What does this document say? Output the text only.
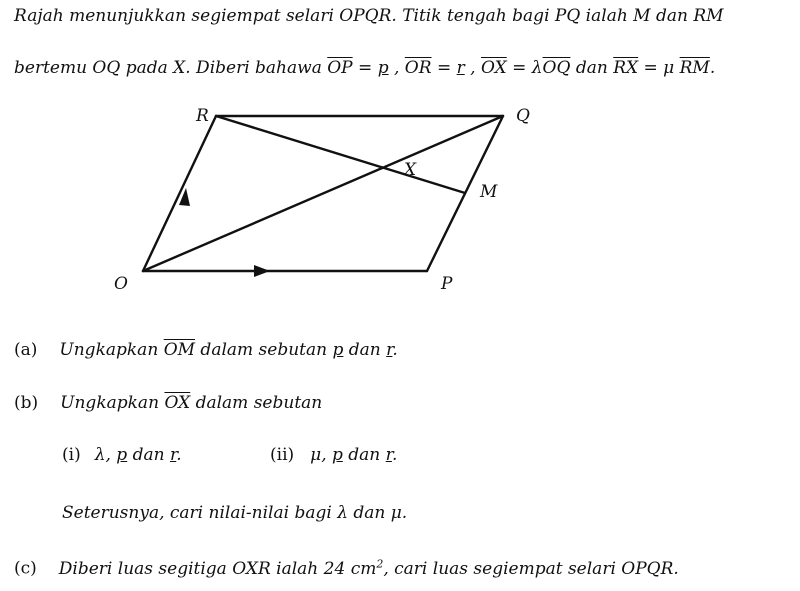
Rajah menunjukkan segiempat selari OPQR. Titik tengah bagi PQ ialah M dan RM
bertemu OQ pada X. Diberi bahawa $\overline{OP} = p$ , $\overline{OR} = r$ , $\overline{OX} = \lambda\overline{OQ}$ dan $\overline{RX} = \mu$ $\overline{RM}$.
R	Q
X
M
O	P
(a) Ungkapkan $\overline{OM}$ dalam sebutan p dan r.
(b) Ungkapkan $\overline{OX}$ dalam sebutan
(i) λ, p dan r.	(ii) μ, p dan r.
Seterusnya, cari nilai-nilai bagi λ dan μ.
(c) Diberi luas segitiga OXR ialah 24 $cm^2$, cari luas segiempat selari OPQR.
